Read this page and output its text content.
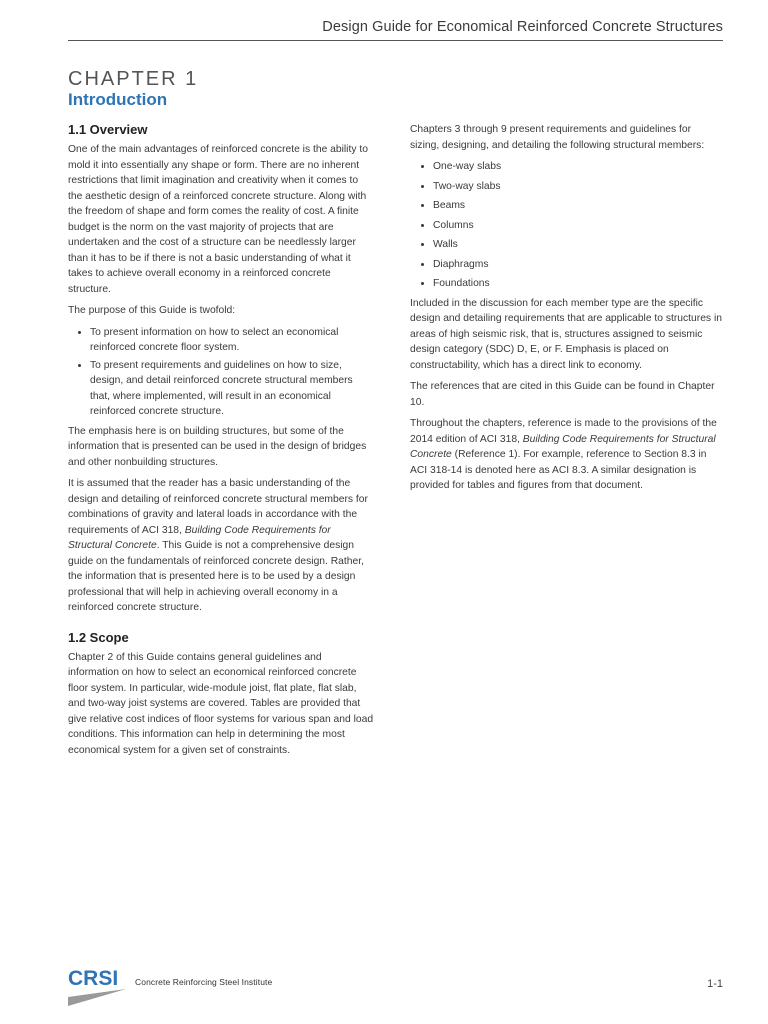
Design Guide for Economical Reinforced Concrete Structures
CHAPTER 1
Introduction
1.1 Overview

One of the main advantages of reinforced concrete is the ability to mold it into essentially any shape or form. There are no inherent restrictions that limit imagination and creativity when it comes to the aesthetic design of a reinforced concrete structure. Along with the freedom of shape and form comes the reality of cost. A finite budget is the norm on the vast majority of projects that are undertaken and the cost of a structure can be needlessly larger than it has to be if there is not a basic understanding of what it takes to achieve overall economy in a reinforced concrete structure.

The purpose of this Guide is twofold:

• To present information on how to select an economical reinforced concrete floor system.
• To present requirements and guidelines on how to size, design, and detail reinforced concrete structural members that, where implemented, will result in an economical reinforced concrete structure.

The emphasis here is on building structures, but some of the information that is presented can be used in the design of bridges and other nonbuilding structures.

It is assumed that the reader has a basic understanding of the design and detailing of reinforced concrete structural members for combinations of gravity and lateral loads in accordance with the requirements of ACI 318, Building Code Requirements for Structural Concrete. This Guide is not a comprehensive design guide on the fundamentals of reinforced concrete design. Rather, the information that is presented here is to be used by a design professional that will help in achieving overall economy in a reinforced concrete structure.

1.2 Scope

Chapter 2 of this Guide contains general guidelines and information on how to select an economical reinforced concrete floor system. In particular, wide-module joist, flat plate, flat slab, and two-way joist systems are covered. Tables are provided that give relative cost indices of floor systems for various span and load conditions. This information can help in determining the most economical system for a given set of constraints.

Chapters 3 through 9 present requirements and guidelines for sizing, designing, and detailing the following structural members:

• One-way slabs
• Two-way slabs
• Beams
• Columns
• Walls
• Diaphragms
• Foundations

Included in the discussion for each member type are the specific design and detailing requirements that are applicable to structures in areas of high seismic risk, that is, structures assigned to seismic design category (SDC) D, E, or F. Emphasis is placed on constructability, which has a direct link to economy.

The references that are cited in this Guide can be found in Chapter 10.

Throughout the chapters, reference is made to the provisions of the 2014 edition of ACI 318, Building Code Requirements for Structural Concrete (Reference 1). For example, reference to Section 8.3 in ACI 318-14 is denoted here as ACI 8.3. A similar designation is provided for tables and figures from that document.

CRSI Concrete Reinforcing Steel Institute	1-1
